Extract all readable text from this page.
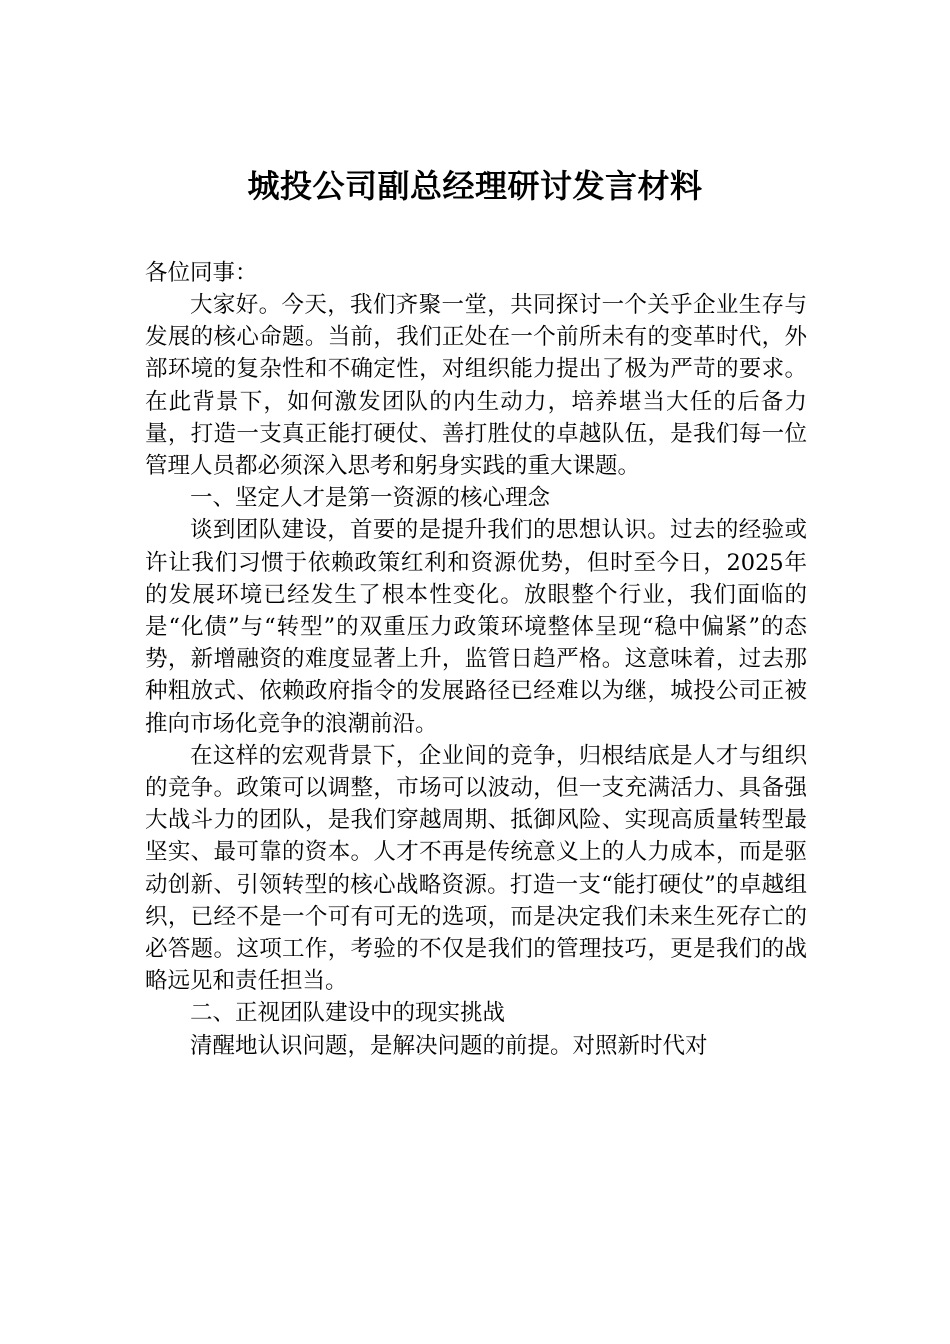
城投公司副总经理研讨发言材料
各位同事：

大家好。今天，我们齐聚一堂，共同探讨一个关乎企业生存与发展的核心命题。当前，我们正处在一个前所未有的变革时代，外部环境的复杂性和不确定性，对组织能力提出了极为严苛的要求。在此背景下，如何激发团队的内生动力，培养堪当大任的后备力量，打造一支真正能打硬仗、善打胜仗的卓越队伍，是我们每一位管理人员都必须深入思考和躬身实践的重大课题。

一、坚定人才是第一资源的核心理念

谈到团队建设，首要的是提升我们的思想认识。过去的经验或许让我们习惯于依赖政策红利和资源优势，但时至今日，2025年的发展环境已经发生了根本性变化。放眼整个行业，我们面临的是“化债”与“转型”的双重压力政策环境整体呈现“稳中偏紧”的态势，新增融资的难度显著上升，监管日趋严格。这意味着，过去那种粗放式、依赖政府指令的发展路径已经难以为继，城投公司正被推向市场化竞争的浪潮前沿。

在这样的宏观背景下，企业间的竞争，归根结底是人才与组织的竞争。政策可以调整，市场可以波动，但一支充满活力、具备强大战斗力的团队，是我们穿越周期、抵御风险、实现高质量转型最坚实、最可靠的资本。人才不再是传统意义上的人力成本，而是驱动创新、引领转型的核心战略资源。打造一支“能打硬仗”的卓越组织，已经不是一个可有可无的选项，而是决定我们未来生死存亡的必答题。这项工作，考验的不仅是我们的管理技巧，更是我们的战略远见和责任担当。

二、正视团队建设中的现实挑战

清醒地认识问题，是解决问题的前提。对照新时代对
